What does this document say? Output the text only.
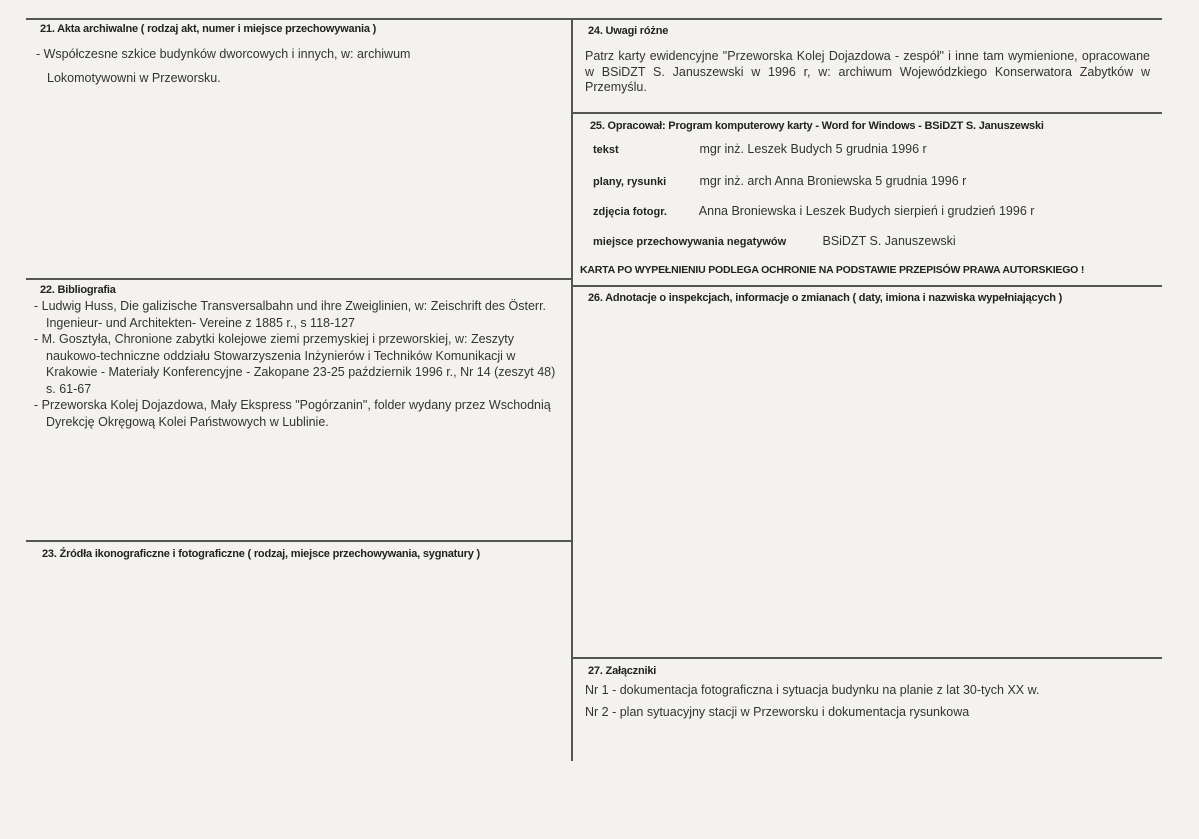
21. Akta archiwalne ( rodzaj akt, numer i miejsce przechowywania )
- Współczesne szkice budynków dworcowych i innych, w: archiwum
Lokomotywowni w Przeworsku.
24. Uwagi różne
Patrz karty ewidencyjne "Przeworska Kolej Dojazdowa - zespół" i inne tam wymienione, opracowane w BSiDZT S. Januszewski w 1996 r, w: archiwum Wojewódzkiego Konserwatora Zabytków w Przemyślu.
25. Opracował: Program komputerowy karty - Word for Windows - BSiDZT S. Januszewski
tekst	mgr inż. Leszek Budych 5 grudnia 1996 r
plany, rysunki	mgr inż. arch Anna Broniewska 5 grudnia 1996 r
zdjęcia fotogr.	Anna Broniewska i Leszek Budych sierpień i grudzień 1996 r
miejsce przechowywania negatywów	BSiDZT S. Januszewski
KARTA PO WYPEŁNIENIU PODLEGA OCHRONIE NA PODSTAWIE PRZEPISÓW PRAWA AUTORSKIEGO !
22. Bibliografia

- Ludwig Huss, Die galizische Transversalbahn und ihre Zweiglinien, w: Zeischrift des Österr. Ingenieur- und Architekten- Vereine z 1885 r., s 118-127

- M. Gosztyła, Chronione zabytki kolejowe ziemi przemyskiej i przeworskiej, w: Zeszyty naukowo-techniczne oddziału Stowarzyszenia Inżynierów i Techników Komunikacji w Krakowie - Materiały Konferencyjne - Zakopane 23-25 październik 1996 r., Nr 14 (zeszyt 48) s. 61-67

- Przeworska Kolej Dojazdowa, Mały Ekspress "Pogórzanin", folder wydany przez Wschodnią Dyrekcję Okręgową Kolei Państwowych w Lublinie.

26. Adnotacje o inspekcjach, informacje o zmianach ( daty, imiona i nazwiska wypełniających )
23. Źródła ikonograficzne i fotograficzne ( rodzaj, miejsce przechowywania, sygnatury )
27. Załączniki
Nr 1 - dokumentacja fotograficzna i sytuacja budynku na planie z lat 30-tych XX w.
Nr 2 - plan sytuacyjny stacji w Przeworsku i dokumentacja rysunkowa
